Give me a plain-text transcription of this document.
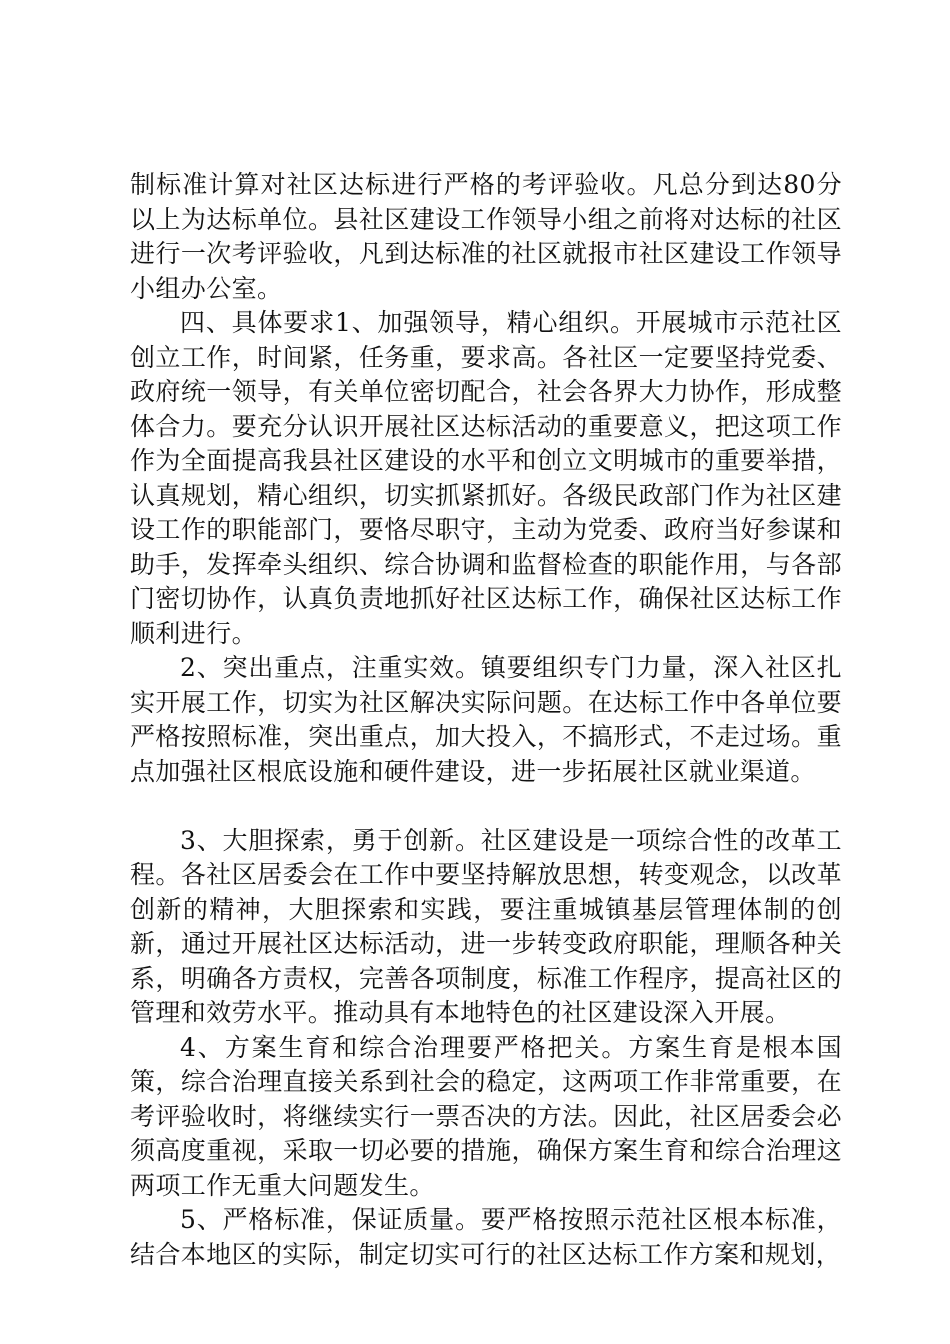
制标准计算对社区达标进行严格的考评验收。凡总分到达80分以上为达标单位。县社区建设工作领导小组之前将对达标的社区进行一次考评验收，凡到达标准的社区就报市社区建设工作领导小组办公室。

四、具体要求1、加强领导，精心组织。开展城市示范社区创立工作，时间紧，任务重，要求高。各社区一定要坚持党委、政府统一领导，有关单位密切配合，社会各界大力协作，形成整体合力。要充分认识开展社区达标活动的重要意义，把这项工作作为全面提高我县社区建设的水平和创立文明城市的重要举措，认真规划，精心组织，切实抓紧抓好。各级民政部门作为社区建设工作的职能部门，要恪尽职守，主动为党委、政府当好参谋和助手，发挥牵头组织、综合协调和监督检查的职能作用，与各部门密切协作，认真负责地抓好社区达标工作，确保社区达标工作顺利进行。

2、突出重点，注重实效。镇要组织专门力量，深入社区扎实开展工作，切实为社区解决实际问题。在达标工作中各单位要严格按照标准，突出重点，加大投入，不搞形式，不走过场。重点加强社区根底设施和硬件建设，进一步拓展社区就业渠道。

3、大胆探索，勇于创新。社区建设是一项综合性的改革工程。各社区居委会在工作中要坚持解放思想，转变观念，以改革创新的精神，大胆探索和实践，要注重城镇基层管理体制的创新，通过开展社区达标活动，进一步转变政府职能，理顺各种关系，明确各方责权，完善各项制度，标准工作程序，提高社区的管理和效劳水平。推动具有本地特色的社区建设深入开展。

4、方案生育和综合治理要严格把关。方案生育是根本国策，综合治理直接关系到社会的稳定，这两项工作非常重要，在考评验收时，将继续实行一票否决的方法。因此，社区居委会必须高度重视，采取一切必要的措施，确保方案生育和综合治理这两项工作无重大问题发生。

5、严格标准，保证质量。要严格按照示范社区根本标准，结合本地区的实际，制定切实可行的社区达标工作方案和规划，
